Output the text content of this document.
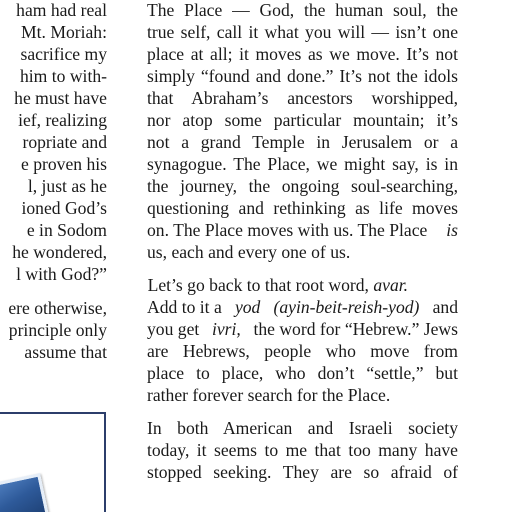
ham had real
Mt. Moriah:
sacrifice my
him to with-
he must have
ief, realizing
ropriate and
e proven his
l, just as he
ioned God’s
e in Sodom
he wondered,
l with God?”
ere otherwise,
principle only
assume that
The Place — God, the human soul, the
true self, call it what you will — isn’t one
place at all; it moves as we move. It’s not
simply “found and done.” It’s not the idols
that Abraham’s ancestors worshipped,
nor atop some particular mountain; it’s
not a grand Temple in Jerusalem or a
synagogue. The Place, we might say, is in
the journey, the ongoing soul-searching,
questioning and rethinking as life moves
on. The Place moves with us. The Place is
us, each and every one of us.
 Let’s go back to that root word, avar.
Add to it a yod (ayin-beit-reish-yod) and
you get ivri, the word for “Hebrew.” Jews
are Hebrews, people who move from
place to place, who don’t “settle,” but
rather forever search for the Place.
In both American and Israeli society
today, it seems to me that too many have
stopped seeking. They are so afraid of
